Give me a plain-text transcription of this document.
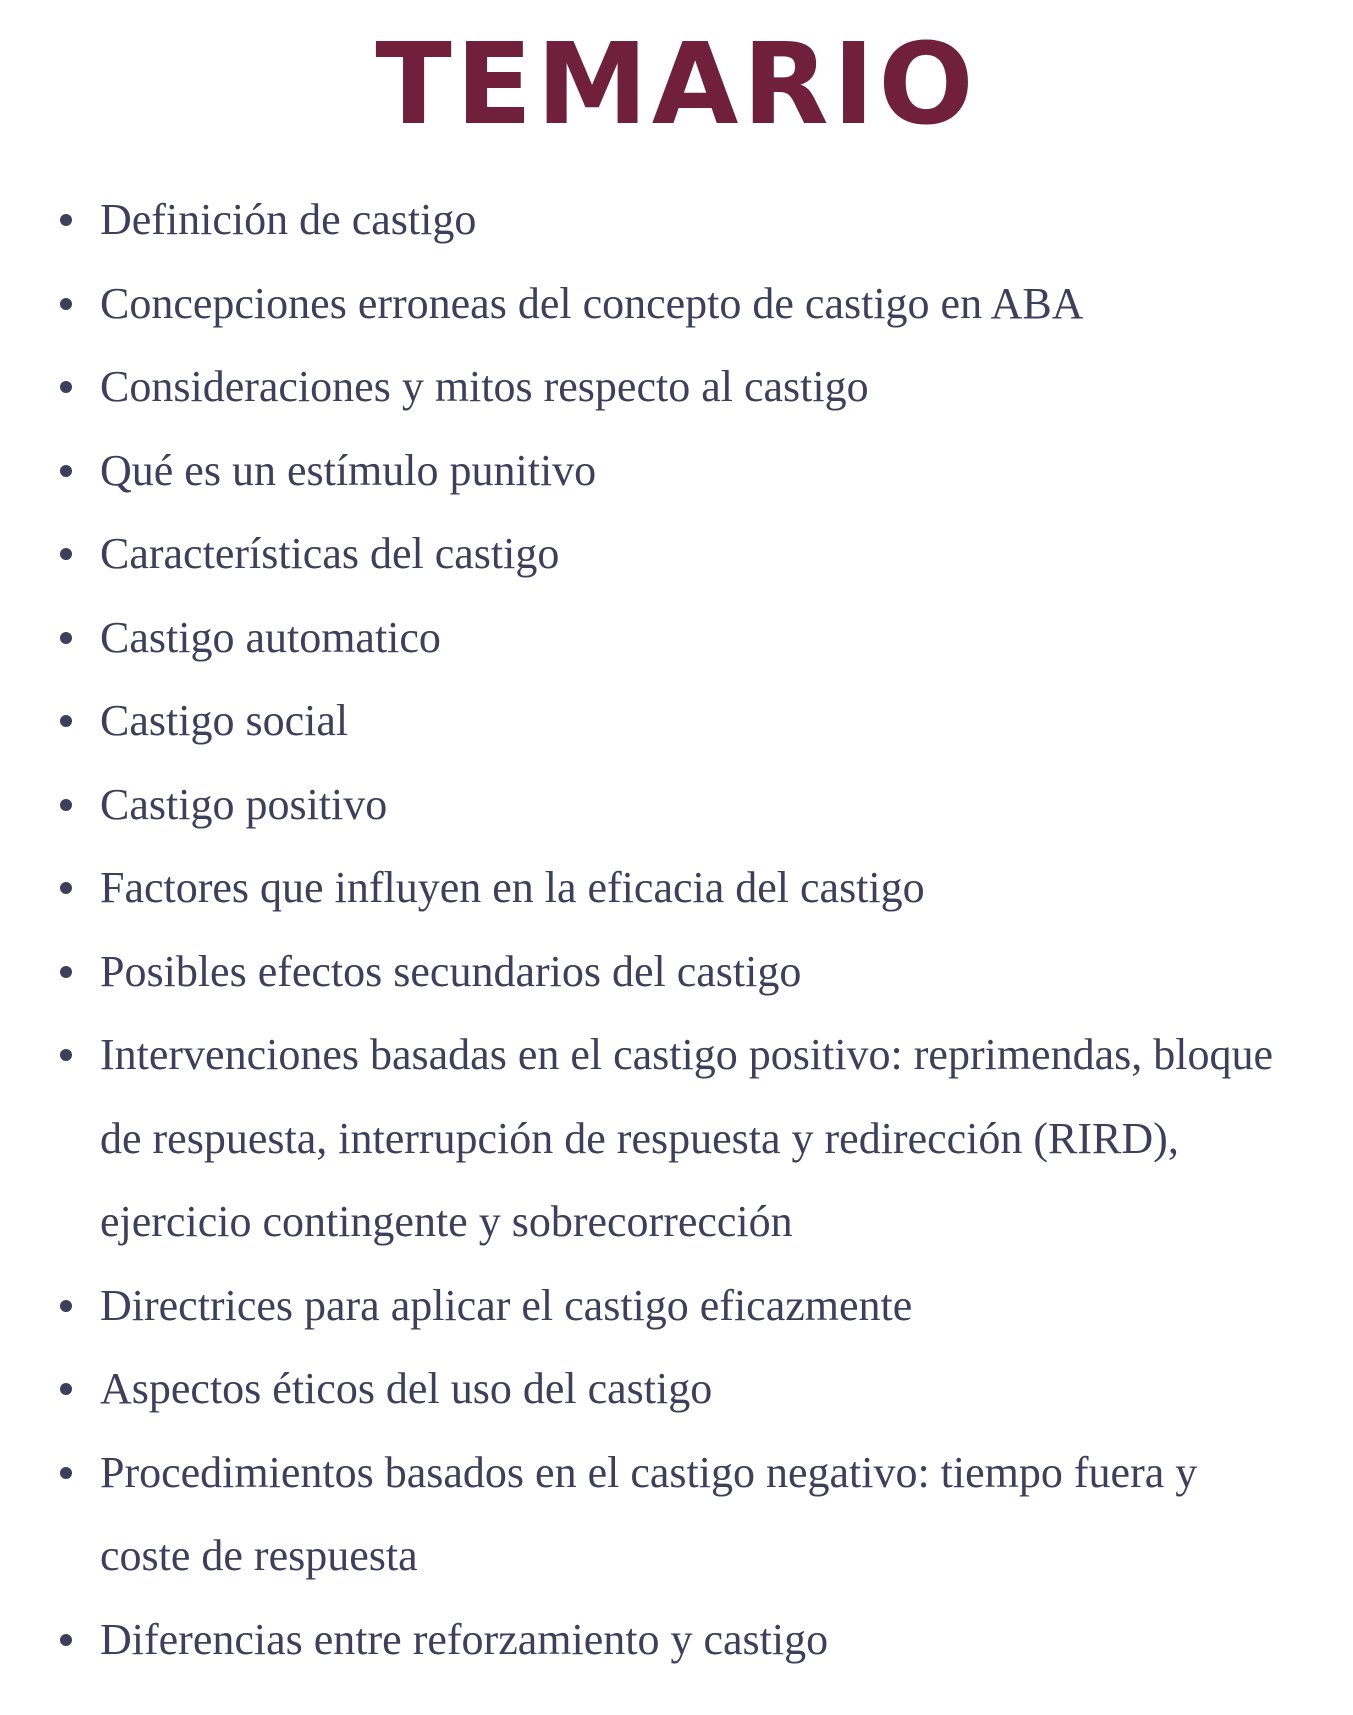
TEMARIO
Definición de castigo
Concepciones erroneas del concepto de castigo en ABA
Consideraciones y mitos respecto al castigo
Qué es un estímulo punitivo
Características del castigo
Castigo automatico
Castigo social
Castigo positivo
Factores que influyen en la eficacia del castigo
Posibles efectos secundarios del castigo
Intervenciones basadas en el castigo positivo: reprimendas, bloque de respuesta, interrupción de respuesta y redirección (RIRD), ejercicio contingente y sobrecorrección
Directrices para aplicar el castigo eficazmente
Aspectos éticos del uso del castigo
Procedimientos basados en el castigo negativo: tiempo fuera y coste de respuesta
Diferencias entre reforzamiento y castigo
